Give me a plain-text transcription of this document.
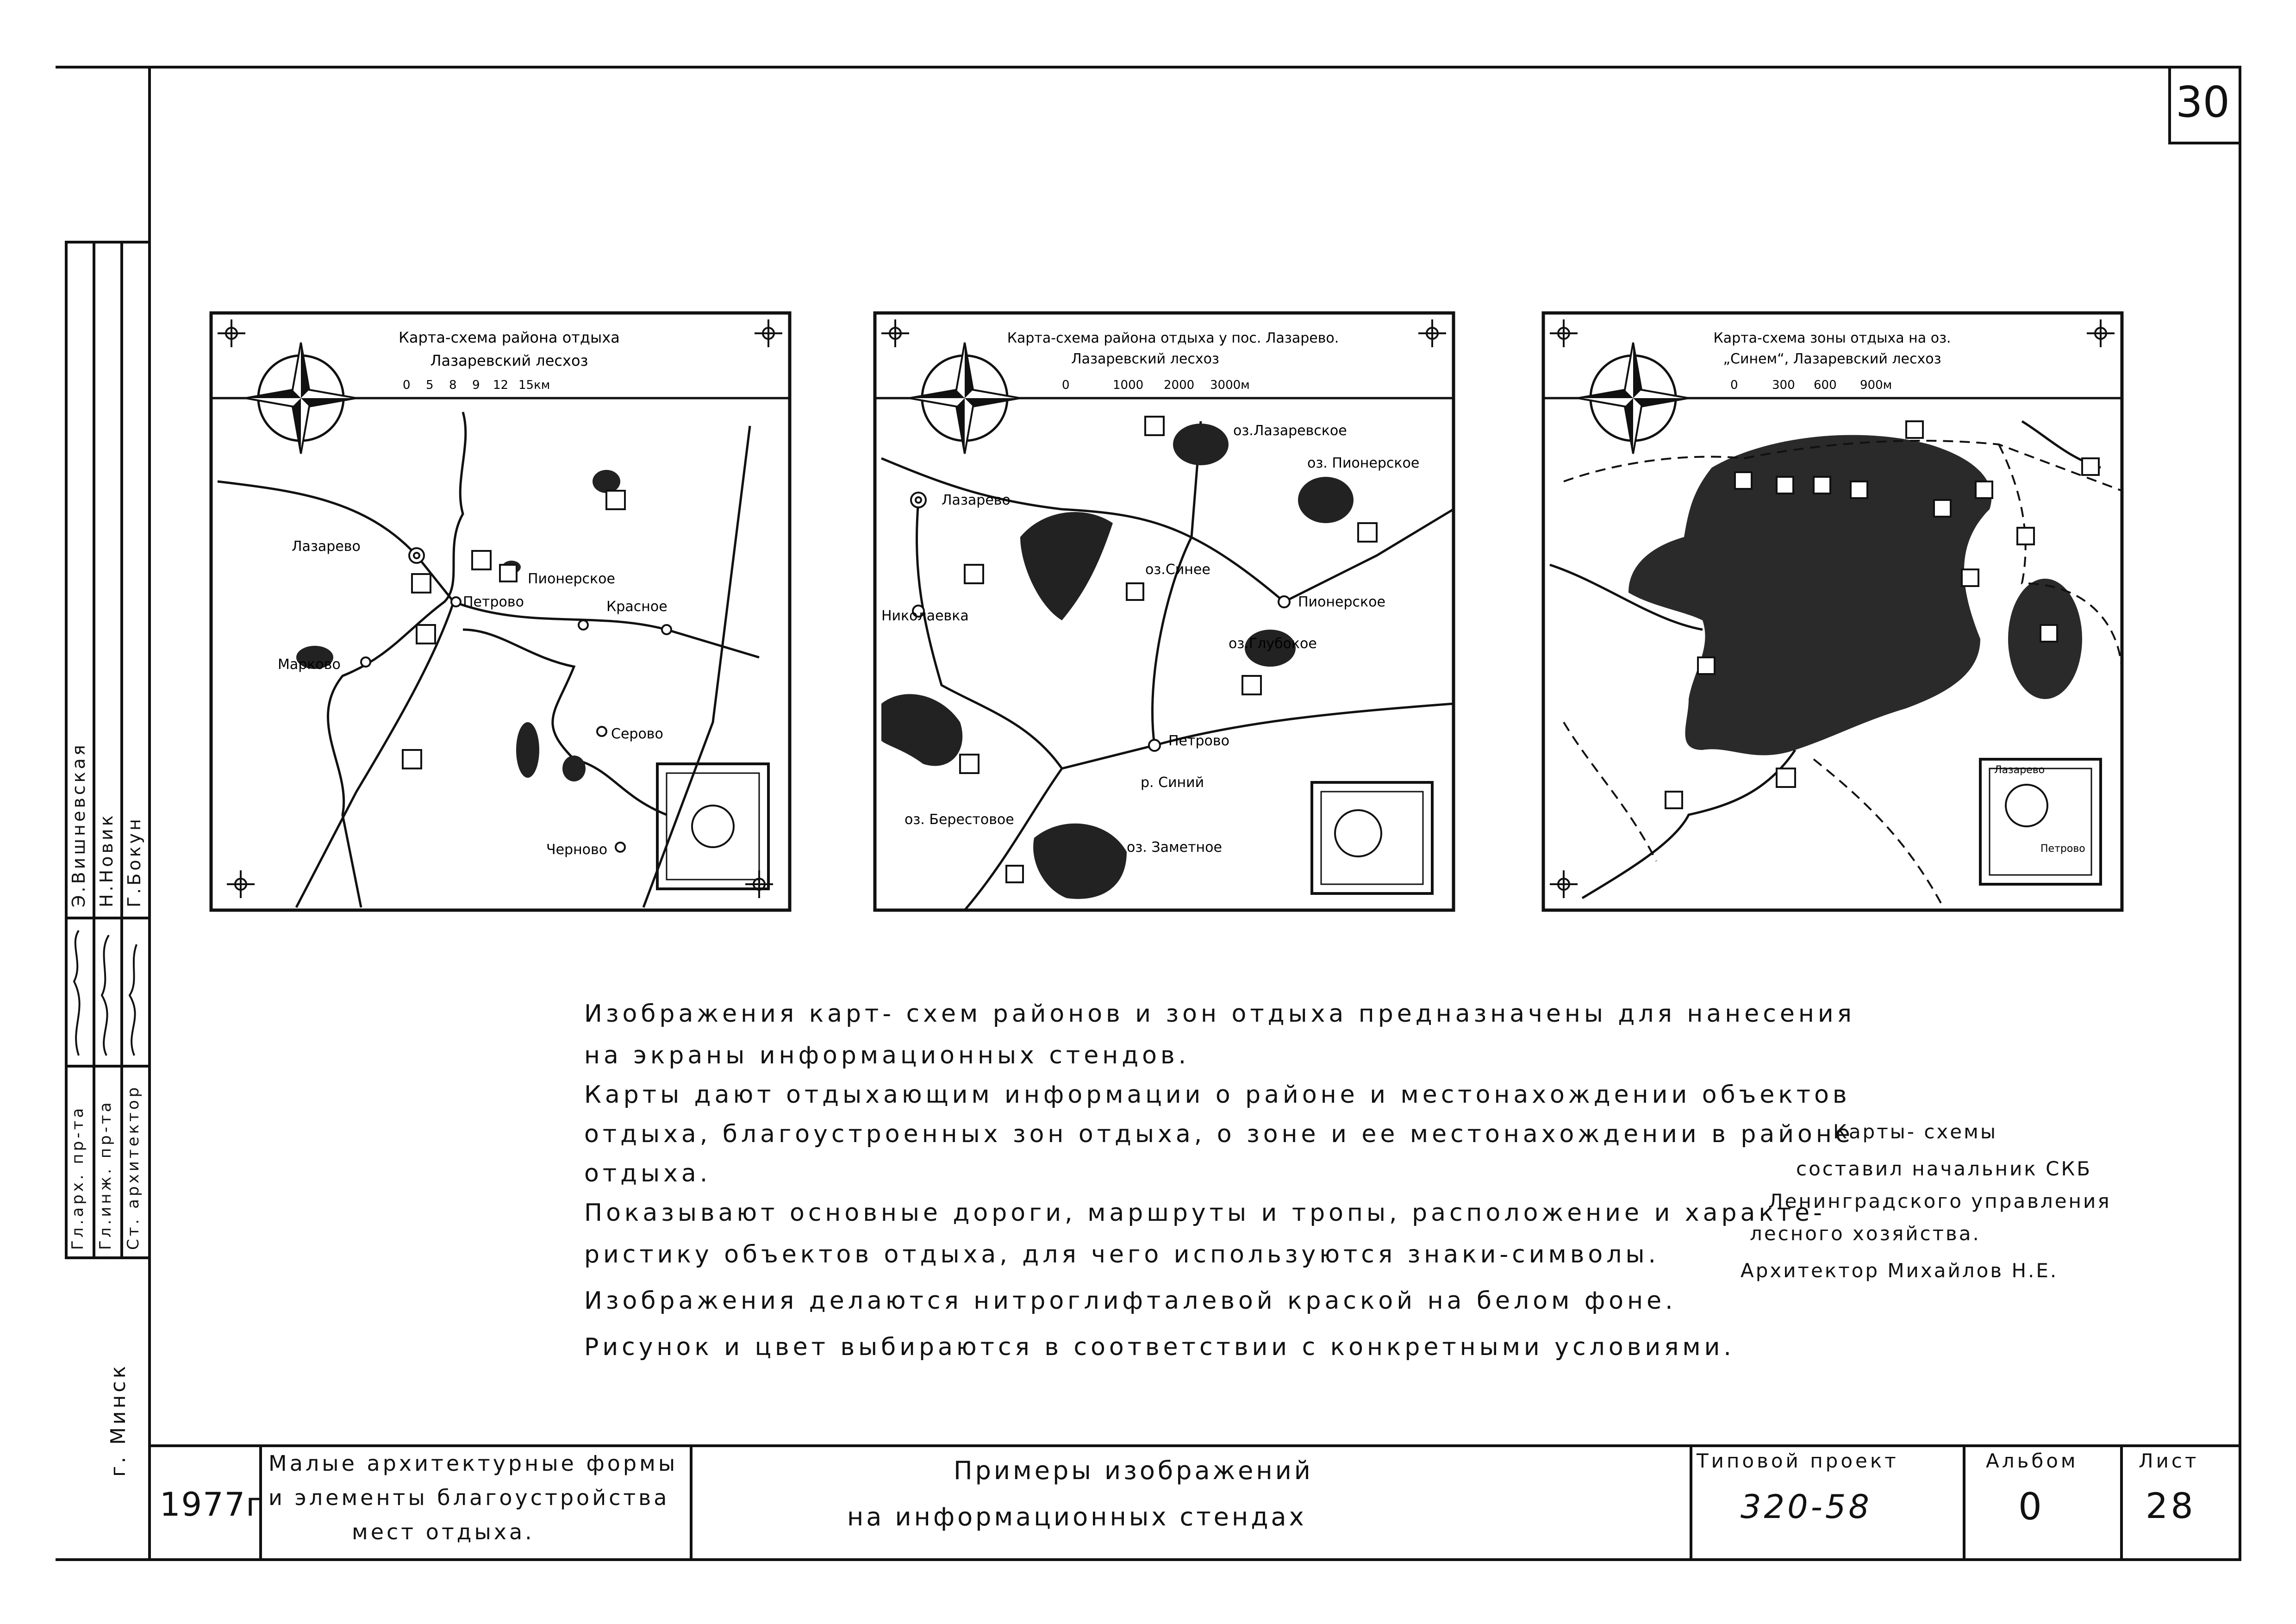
30
Карта-схема района отдыха
Лазаревский лесхоз
0 5 8 9 12 15км
Лазарево
Пионерское
Петрово	Красное
Марково
Серово
Черново
Карта-схема района отдыха у пос. Лазарево.
Лазаревский лесхоз
0	1000 2000 3000м
Лазарево
оз.Лазаревское
оз. Пионерское
Николаевка
оз.Синее
Пионерское
оз.Глубокое
Петрово
р. Синий
оз. Берестовое
оз. Заметное
Карта-схема зоны отдыха на оз.
„Синем“, Лазаревский лесхоз
0	300 600 900м
Лазарево
Петрово
Изображения карт- схем районов и зон отдыха предназначены для нанесения
на экраны информационных стендов.
Карты дают отдыхающим информации о районе и местонахождении объектов
отдыха, благоустроенных зон отдыха, о зоне и ее местонахождении в районе
отдыха.
Показывают основные дороги, маршруты и тропы, расположение и характе-
ристику объектов отдыха, для чего используются знаки-символы.
Изображения делаются нитроглифталевой краской на белом фоне.
Рисунок и цвет выбираются в соответствии с конкретными условиями.
Карты- схемы
составил начальник СКБ
Ленинградского управления
лесного хозяйства.
Архитектор Михайлов Н.Е.
Гл.арх. пр-та Гл.инж. пр-та Ст. архитектор
Э.Вишневская Н.Новик Г.Бокун
г. Минск
1977г
Малые архитектурные формы
и элементы благоустройства
мест отдыха.
Примеры изображений
на информационных стендах
Типовой проект
320-58
Альбом
0
Лист
28
